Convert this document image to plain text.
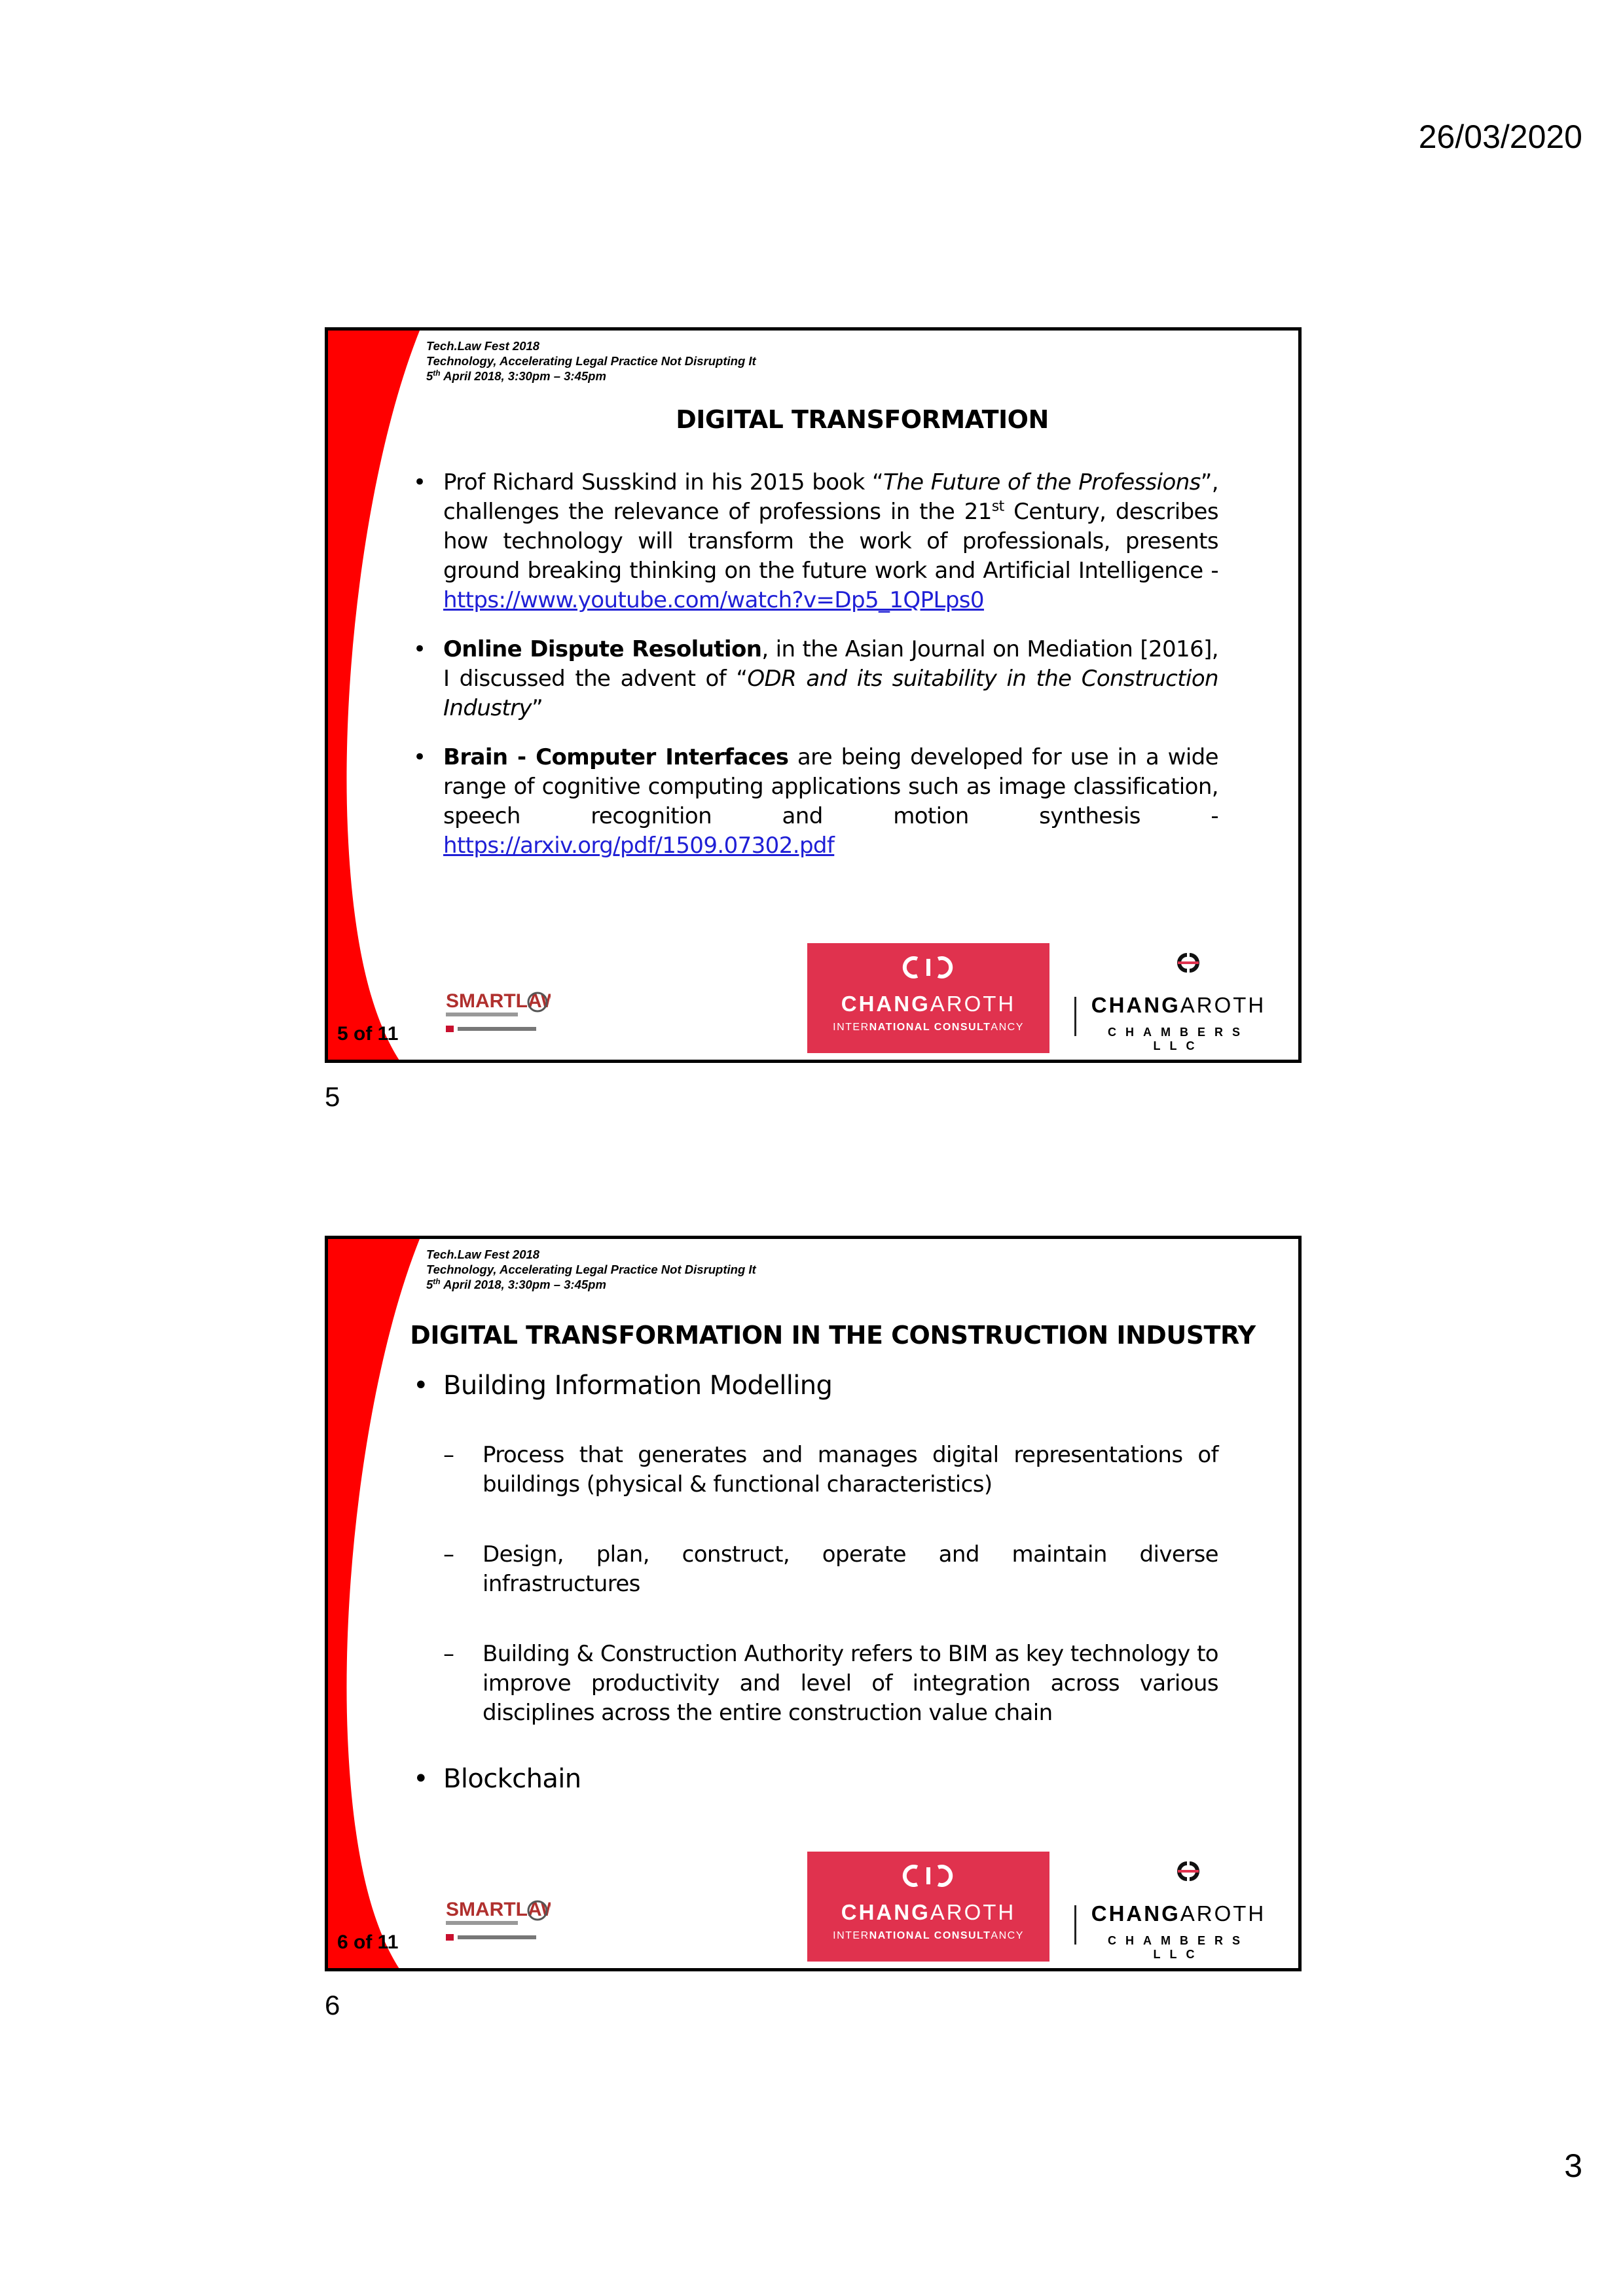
26/03/2020
Tech.Law Fest 2018
Technology, Accelerating Legal Practice Not Disrupting It
5th April 2018, 3:30pm – 3:45pm
DIGITAL TRANSFORMATION
• Prof Richard Susskind in his 2015 book “The Future of the Professions”, challenges the relevance of professions in the 21st Century, describes how technology will transform the work of professionals, presents ground breaking thinking on the future work and Artificial Intelligence - https://www.youtube.com/watch?v=Dp5_1QPLps0
• Online Dispute Resolution, in the Asian Journal on Mediation [2016], I discussed the advent of “ODR and its suitability in the Construction Industry”
• Brain - Computer Interfaces are being developed for use in a wide range of cognitive computing applications such as image classification, speech recognition and motion synthesis - https://arxiv.org/pdf/1509.07302.pdf
SMARTLAW	CHANGAROTH
INTERNATIONAL CONSULTANCY
CHANGAROTH
CHAMBERS LLC
5 of 11
5
Tech.Law Fest 2018
Technology, Accelerating Legal Practice Not Disrupting It
5th April 2018, 3:30pm – 3:45pm
DIGITAL TRANSFORMATION IN THE CONSTRUCTION INDUSTRY
• Building Information Modelling
– Process that generates and manages digital representations of buildings (physical & functional characteristics)
– Design, plan, construct, operate and maintain diverse infrastructures
– Building & Construction Authority refers to BIM as key technology to improve productivity and level of integration across various disciplines across the entire construction value chain
• Blockchain
SMARTLAW	CHANGAROTH
INTERNATIONAL CONSULTANCY
CHANGAROTH
CHAMBERS LLC
6 of 11
6
3
